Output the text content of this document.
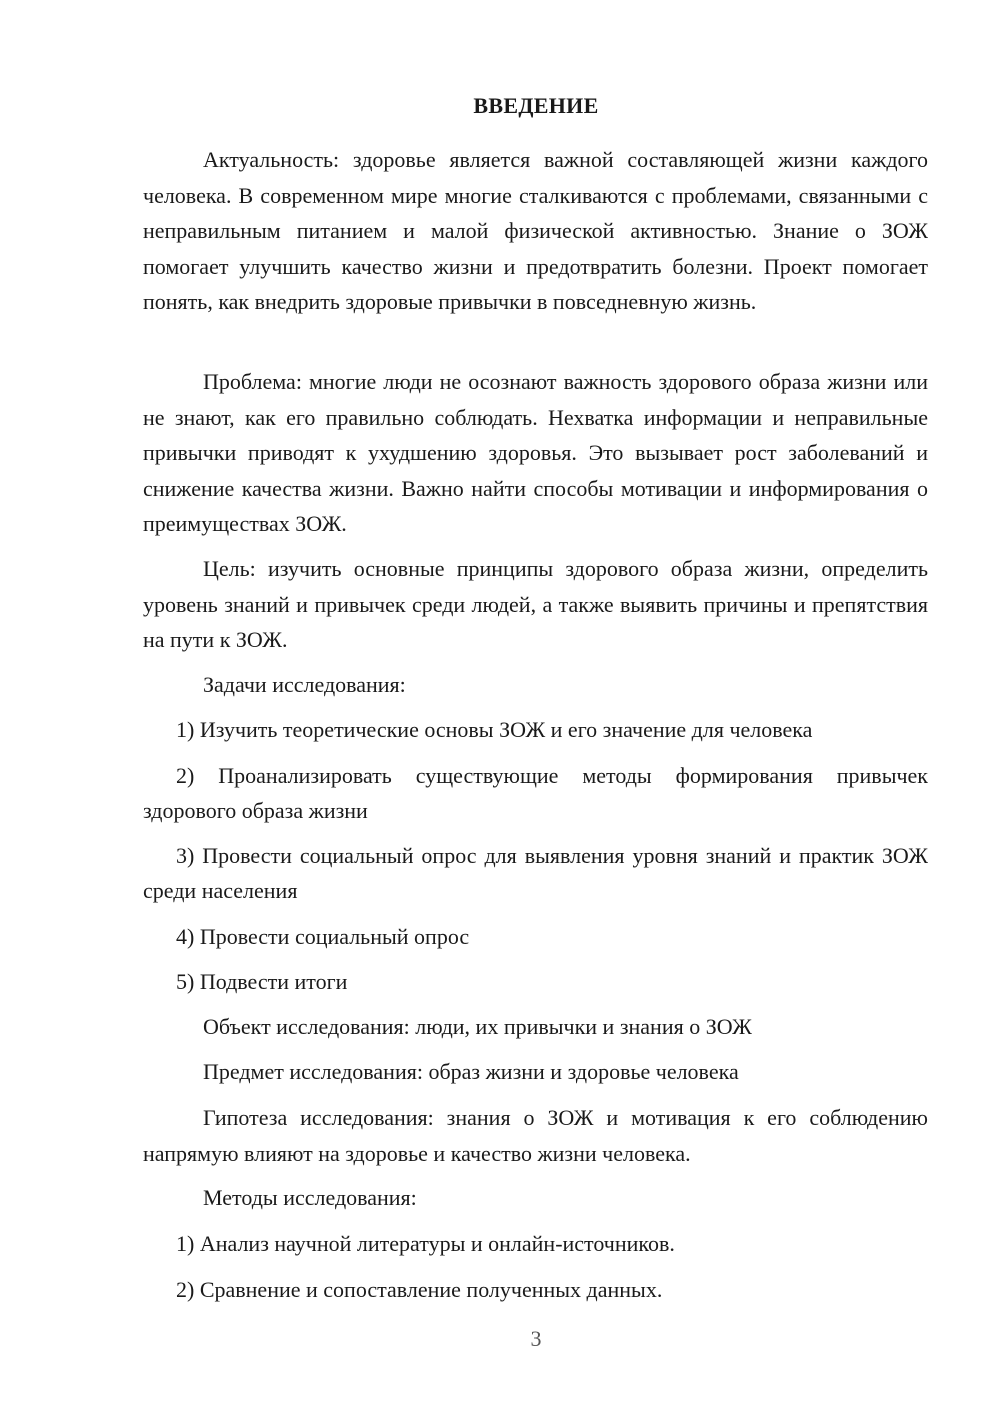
ВВЕДЕНИЕ
Актуальность: здоровье является важной составляющей жизни каждого человека. В современном мире многие сталкиваются с проблемами, связанными с неправильным питанием и малой физической активностью. Знание о ЗОЖ помогает улучшить качество жизни и предотвратить болезни. Проект помогает понять, как внедрить здоровые привычки в повседневную жизнь.
Проблема: многие люди не осознают важность здорового образа жизни или не знают, как его правильно соблюдать. Нехватка информации и неправильные привычки приводят к ухудшению здоровья. Это вызывает рост заболеваний и снижение качества жизни. Важно найти способы мотивации и информирования о преимуществах ЗОЖ.
Цель: изучить основные принципы здорового образа жизни, определить уровень знаний и привычек среди людей, а также выявить причины и препятствия на пути к ЗОЖ.
Задачи исследования:
1) Изучить теоретические основы ЗОЖ и его значение для человека
2) Проанализировать существующие методы формирования привычек здорового образа жизни
3) Провести социальный опрос для выявления уровня знаний и практик ЗОЖ среди населения
4) Провести социальный опрос
5) Подвести итоги
Объект исследования: люди, их привычки и знания о ЗОЖ
Предмет исследования: образ жизни и здоровье человека
Гипотеза исследования: знания о ЗОЖ и мотивация к его соблюдению напрямую влияют на здоровье и качество жизни человека.
Методы исследования:
1) Анализ научной литературы и онлайн-источников.
2) Сравнение и сопоставление полученных данных.
3
